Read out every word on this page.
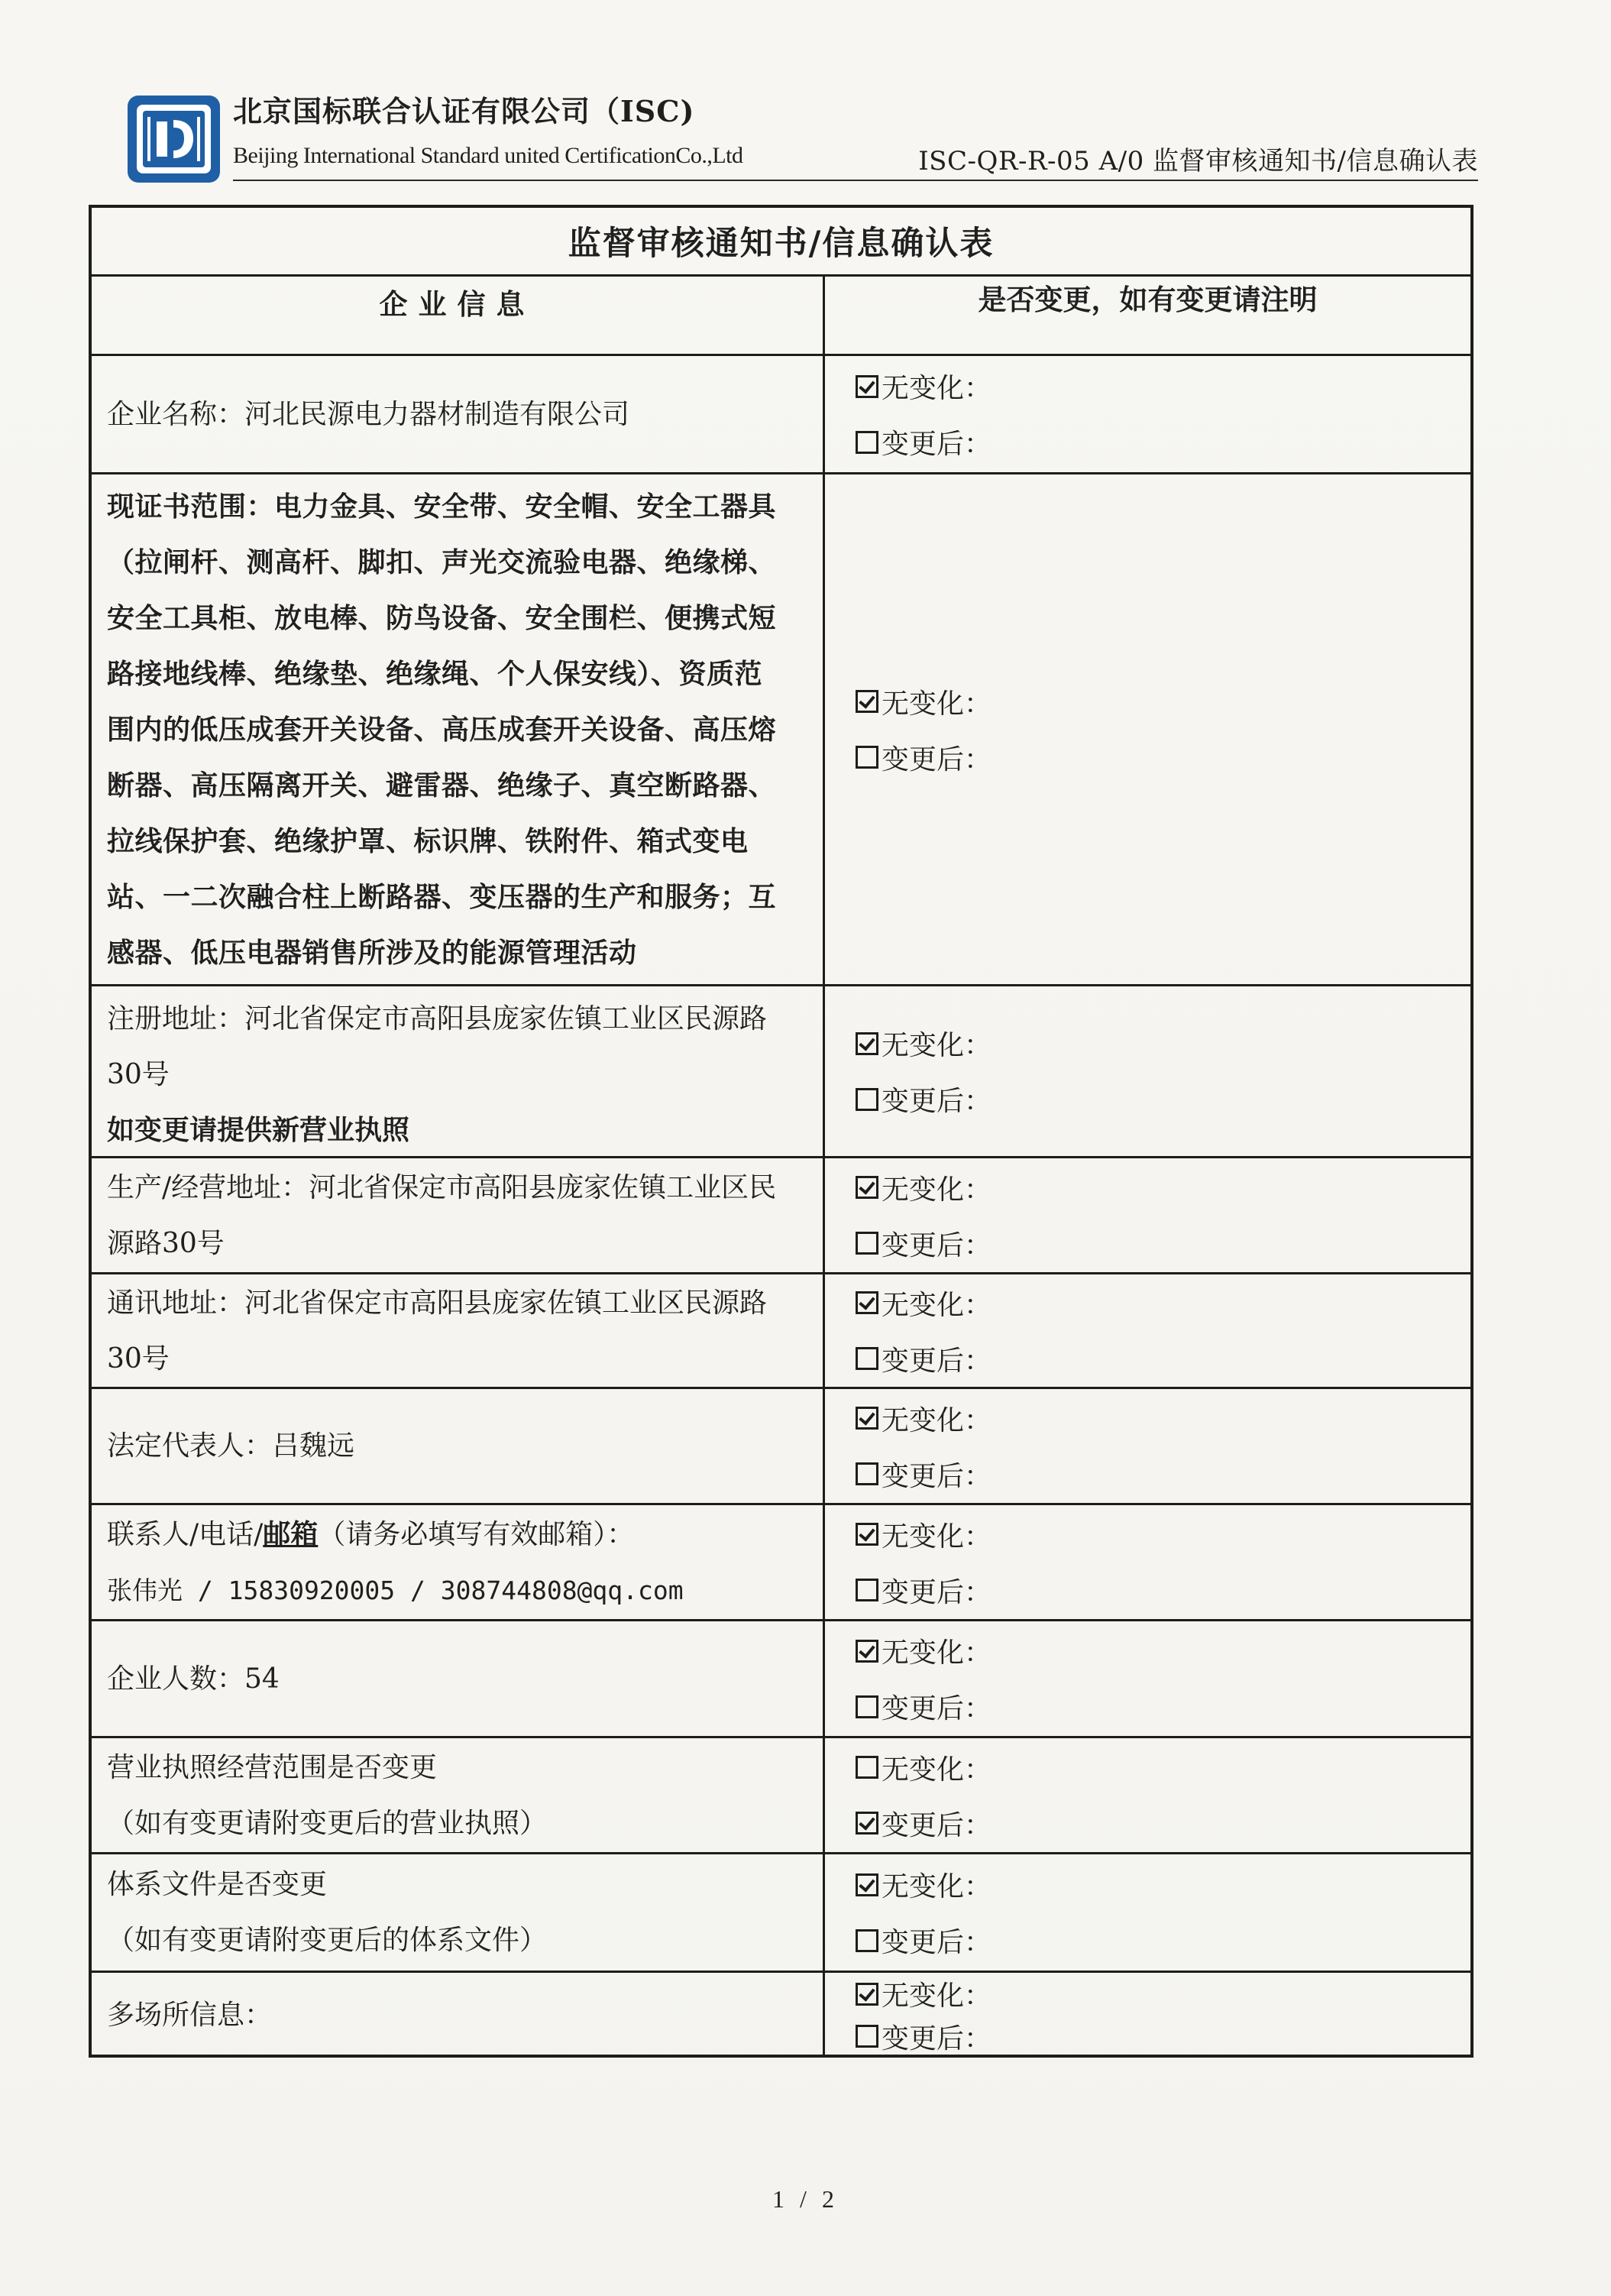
北京国标联合认证有限公司（ISC)
Beijing International Standard united CertificationCo.,Ltd	ISC-QR-R-05 A/0 监督审核通知书/信息确认表
监督审核通知书/信息确认表
企业信息	是否变更，如有变更请注明
企业名称：河北民源电力器材制造有限公司
无变化：
变更后：
现证书范围：电力金具、安全带、安全帽、安全工器具
（拉闸杆、测高杆、脚扣、声光交流验电器、绝缘梯、
安全工具柜、放电棒、防鸟设备、安全围栏、便携式短
路接地线棒、绝缘垫、绝缘绳、个人保安线）、资质范
围内的低压成套开关设备、高压成套开关设备、高压熔
断器、高压隔离开关、避雷器、绝缘子、真空断路器、
拉线保护套、绝缘护罩、标识牌、铁附件、箱式变电
站、一二次融合柱上断路器、变压器的生产和服务；互
感器、低压电器销售所涉及的能源管理活动
无变化：
变更后：
注册地址：河北省保定市高阳县庞家佐镇工业区民源路
30号
如变更请提供新营业执照
无变化：
变更后：
生产/经营地址：河北省保定市高阳县庞家佐镇工业区民
源路30号
无变化：
变更后：
通讯地址：河北省保定市高阳县庞家佐镇工业区民源路
30号
无变化：
变更后：
法定代表人：吕魏远
无变化：
变更后：
联系人/电话/邮箱（请务必填写有效邮箱）：
张伟光 / 15830920005 / 308744808@qq.com
无变化：
变更后：
企业人数：54
无变化：
变更后：
营业执照经营范围是否变更
（如有变更请附变更后的营业执照）
无变化：
变更后：
体系文件是否变更
（如有变更请附变更后的体系文件）
无变化：
变更后：
多场所信息：
无变化：
变更后：
1 / 2
